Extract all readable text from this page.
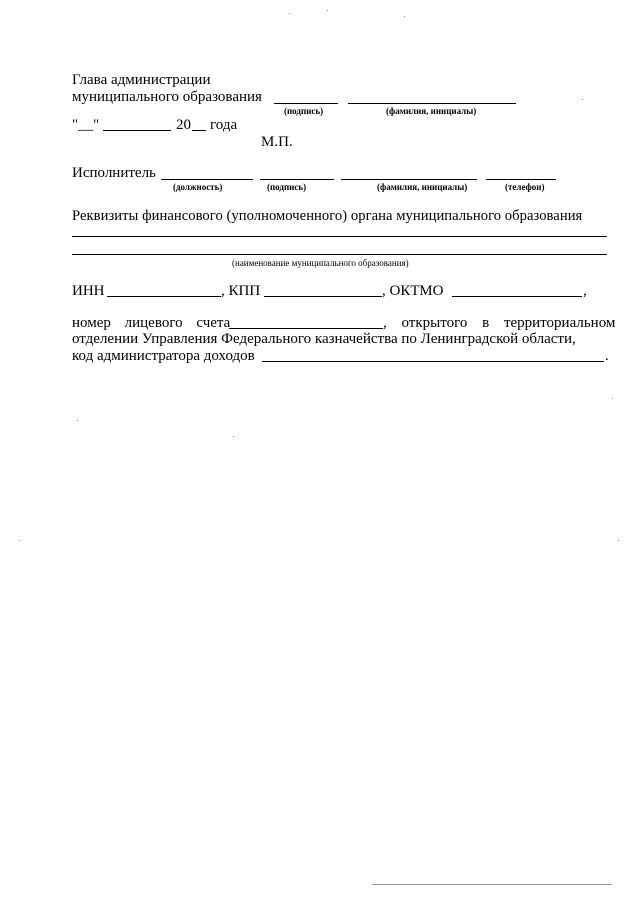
Глава администрации
муниципального образования
(подпись)	(фамилия, инициалы)
"__"	20 года
М.П.
Исполнитель
(должность)	(подпись)	(фамилия, инициалы)	(телефон)
Реквизиты финансового (уполномоченного) органа муниципального образования
(наименование муниципального образования)
ИНН	, КПП	, ОКТМО	,
номер лицевого счета	, открытого в территориальном
отделении Управления Федерального казначейства по Ленинградской области,
код администратора доходов	.
